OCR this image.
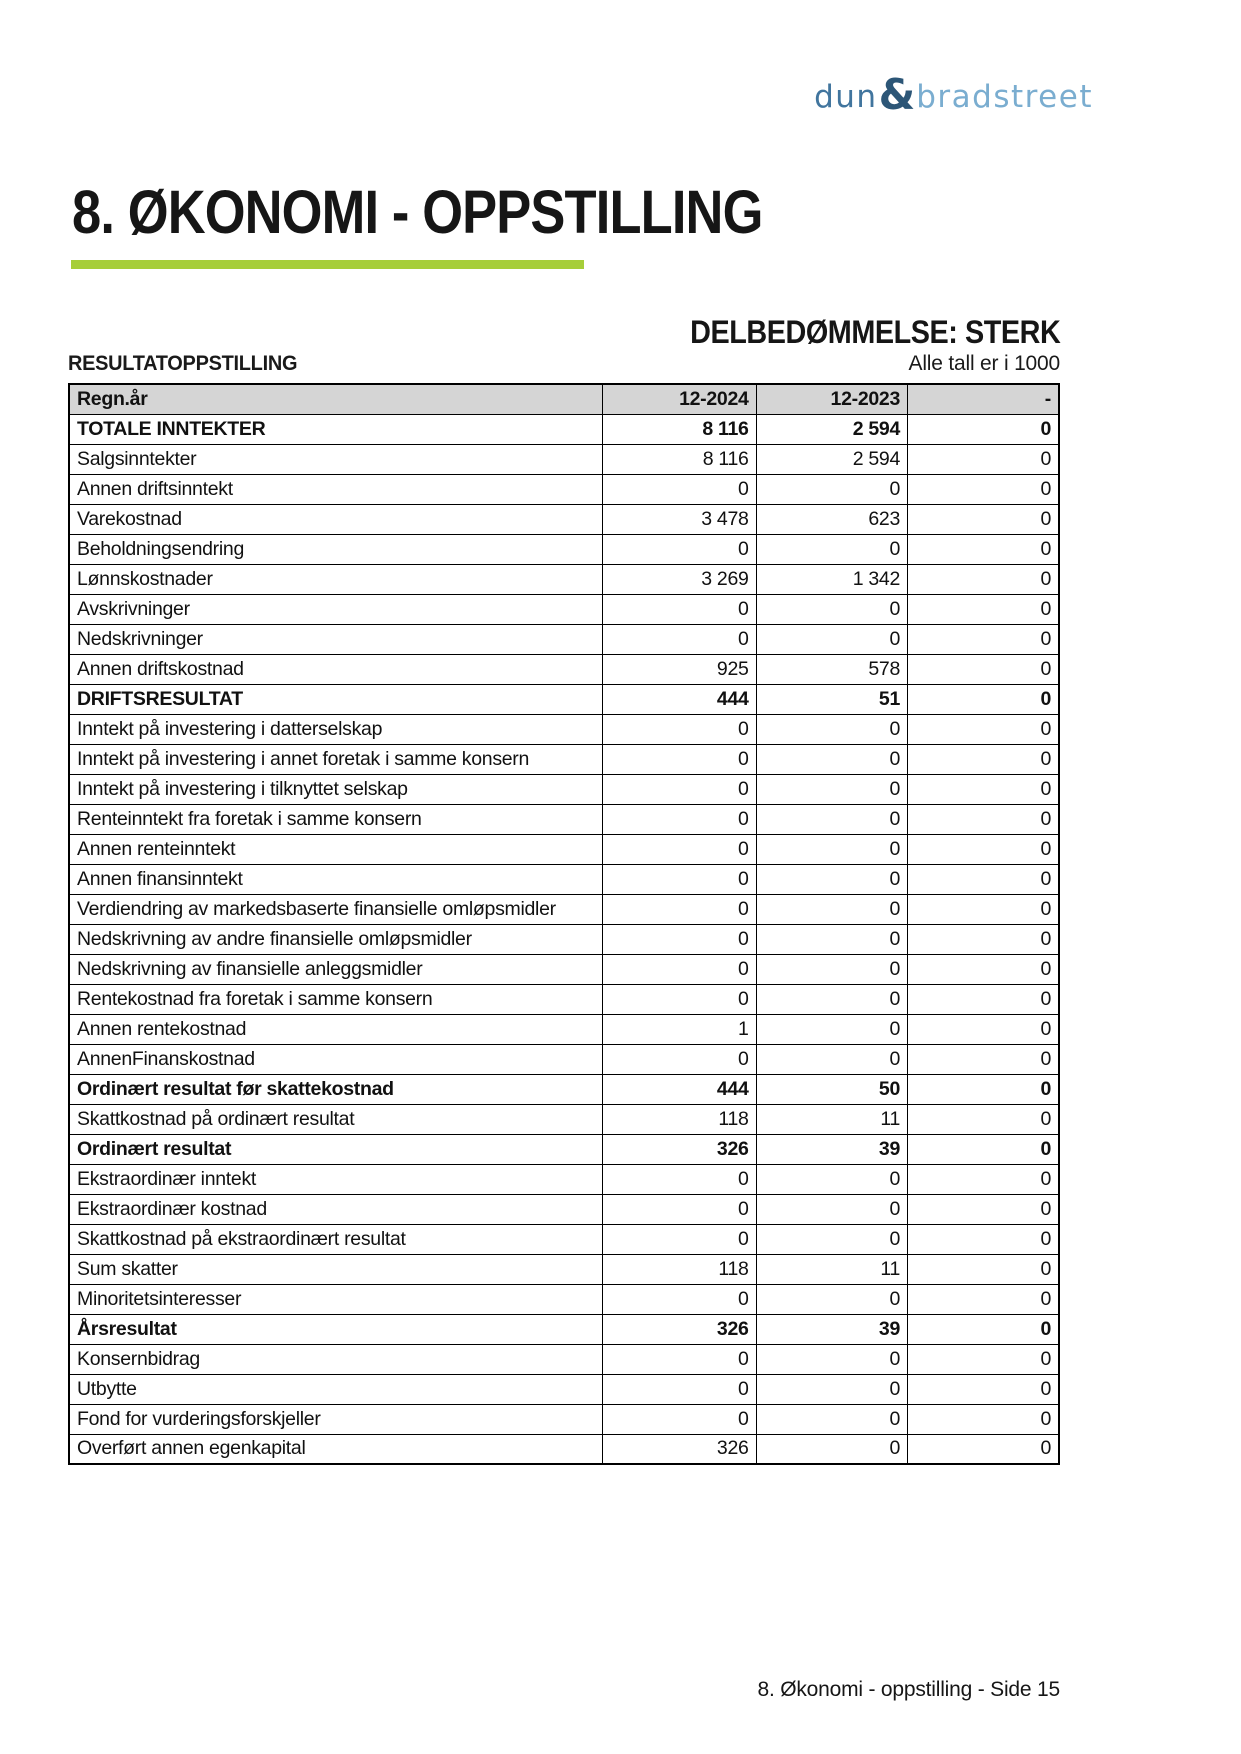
dun & bradstreet
8. ØKONOMI - OPPSTILLING
DELBEDØMMELSE: STERK
RESULTATOPPSTILLING	Alle tall er i 1000
Regn.år	12-2024	12-2023	-
TOTALE INNTEKTER	8 116	2 594	0
Salgsinntekter	8 116	2 594	0
Annen driftsinntekt	0	0	0
Varekostnad	3 478	623	0
Beholdningsendring	0	0	0
Lønnskostnader	3 269	1 342	0
Avskrivninger	0	0	0
Nedskrivninger	0	0	0
Annen driftskostnad	925	578	0
DRIFTSRESULTAT	444	51	0
Inntekt på investering i datterselskap	0	0	0
Inntekt på investering i annet foretak i samme konsern	0	0	0
Inntekt på investering i tilknyttet selskap	0	0	0
Renteinntekt fra foretak i samme konsern	0	0	0
Annen renteinntekt	0	0	0
Annen finansinntekt	0	0	0
Verdiendring av markedsbaserte finansielle omløpsmidler	0	0	0
Nedskrivning av andre finansielle omløpsmidler	0	0	0
Nedskrivning av finansielle anleggsmidler	0	0	0
Rentekostnad fra foretak i samme konsern	0	0	0
Annen rentekostnad	1	0	0
AnnenFinanskostnad	0	0	0
Ordinært resultat før skattekostnad	444	50	0
Skattkostnad på ordinært resultat	118	11	0
Ordinært resultat	326	39	0
Ekstraordinær inntekt	0	0	0
Ekstraordinær kostnad	0	0	0
Skattkostnad på ekstraordinært resultat	0	0	0
Sum skatter	118	11	0
Minoritetsinteresser	0	0	0
Årsresultat	326	39	0
Konsernbidrag	0	0	0
Utbytte	0	0	0
Fond for vurderingsforskjeller	0	0	0
Overført annen egenkapital	326	0	0
8. Økonomi - oppstilling - Side 15
